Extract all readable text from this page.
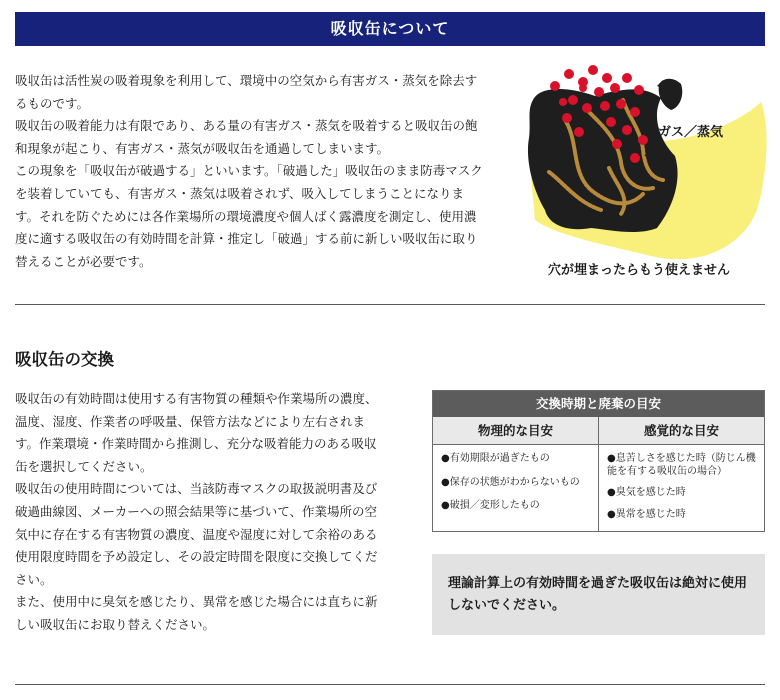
吸収缶について

吸収缶は活性炭の吸着現象を利用して、環境中の空気から有害ガス・蒸気を除去するものです。

吸収缶の吸着能力は有限であり、ある量の有害ガス・蒸気を吸着すると吸収缶の飽和現象が起こり、有害ガス・蒸気が吸収缶を通過してしまいます。

この現象を「吸収缶が破過する」といいます。「破過した」吸収缶のまま防毒マスクを装着していても、有害ガス・蒸気は吸着されず、吸入してしまうことになります。それを防ぐためには各作業場所の環境濃度や個人ばく露濃度を測定し、使用濃度に適する吸収缶の有効時間を計算・推定し「破過」する前に新しい吸収缶に取り替えることが必要です。

ガス／蒸気
穴が埋まったらもう使えません
吸収缶の交換

吸収缶の有効時間は使用する有害物質の種類や作業場所の濃度、温度、湿度、作業者の呼吸量、保管方法などにより左右されます。作業環境・作業時間から推測し、充分な吸着能力のある吸収缶を選択してください。

吸収缶の使用時間については、当該防毒マスクの取扱説明書及び破過曲線図、メーカーへの照会結果等に基づいて、作業場所の空気中に存在する有害物質の濃度、温度や湿度に対して余裕のある使用限度時間を予め設定し、その設定時間を限度に交換してください。

また、使用中に臭気を感じたり、異常を感じた場合には直ちに新しい吸収缶にお取り替えください。

交換時期と廃棄の目安
物理的な目安	感覚的な目安
●有効期限が過ぎたもの
●保存の状態がわからないもの
●破損／変形したもの
●息苦しさを感じた時（防じん機能を有する吸収缶の場合）
●臭気を感じた時
●異常を感じた時
理論計算上の有効時間を過ぎた吸収缶は絶対に使用しないでください。
